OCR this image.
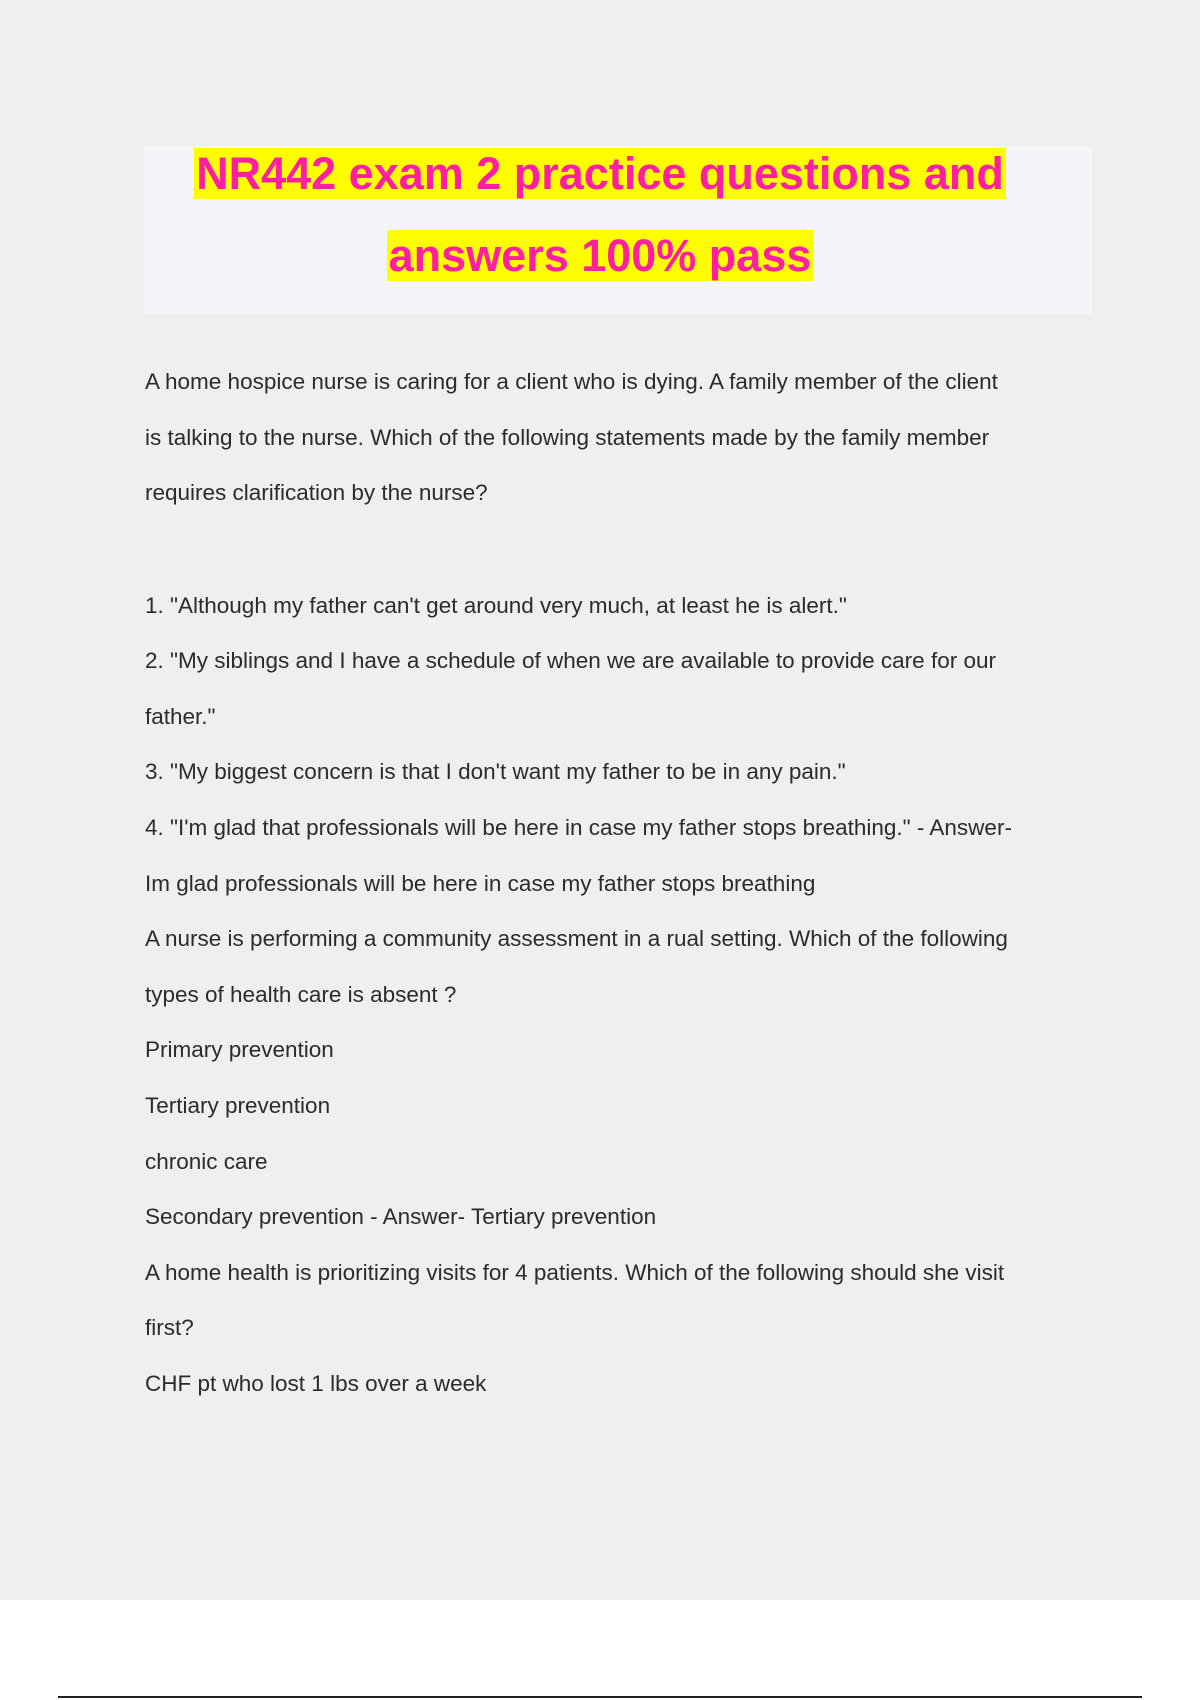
NR442 exam 2 practice questions and
answers 100% pass
A home hospice nurse is caring for a client who is dying. A family member of the client
is talking to the nurse. Which of the following statements made by the family member
requires clarification by the nurse?
1. "Although my father can't get around very much, at least he is alert."
2. "My siblings and I have a schedule of when we are available to provide care for our
father."
3. "My biggest concern is that I don't want my father to be in any pain."
4. "I'm glad that professionals will be here in case my father stops breathing." - Answer-
Im glad professionals will be here in case my father stops breathing
A nurse is performing a community assessment in a rual setting. Which of the following
types of health care is absent ?
Primary prevention
Tertiary prevention
chronic care
Secondary prevention - Answer- Tertiary prevention
A home health is prioritizing visits for 4 patients. Which of the following should she visit
first?
CHF pt who lost 1 lbs over a week
